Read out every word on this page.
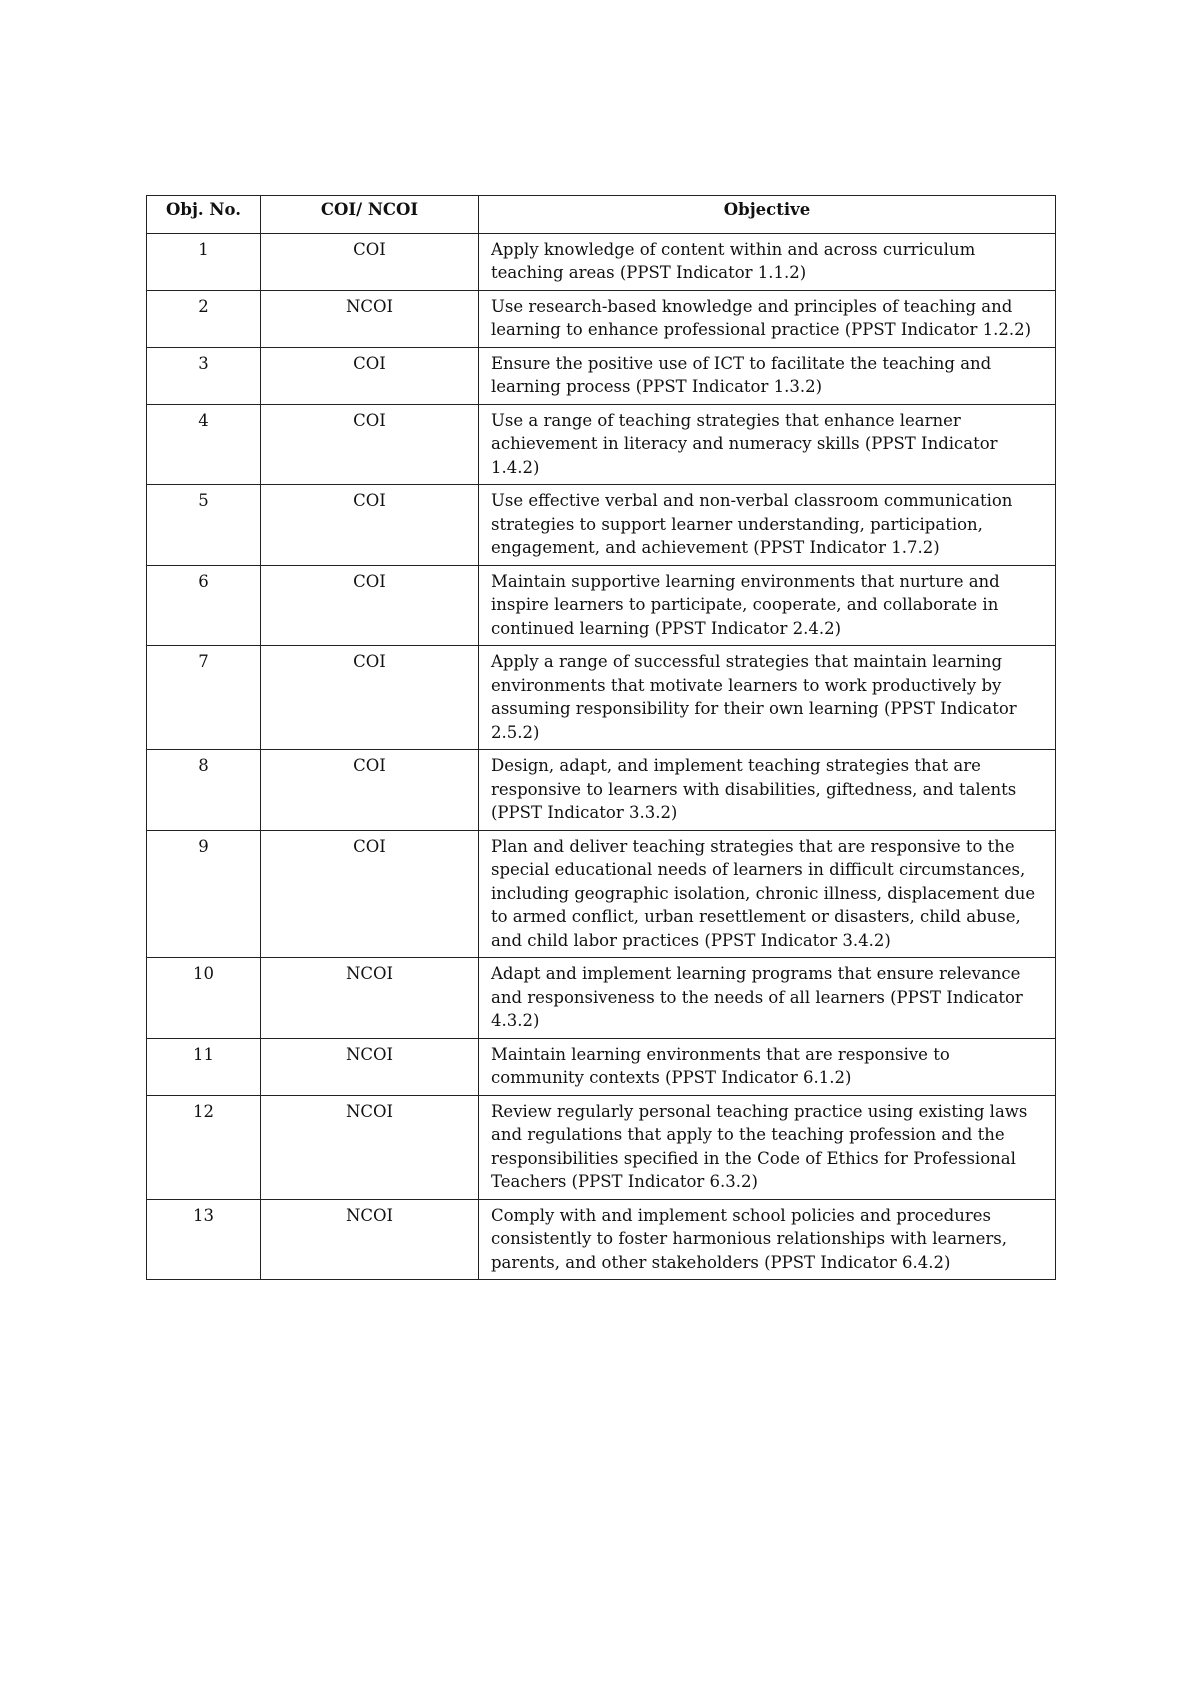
Obj. No.	COI/ NCOI	Objective
1	COI	Apply knowledge of content within and across curriculum teaching areas (PPST Indicator 1.1.2)
2	NCOI	Use research-based knowledge and principles of teaching and learning to enhance professional practice (PPST Indicator 1.2.2)
3	COI	Ensure the positive use of ICT to facilitate the teaching and learning process (PPST Indicator 1.3.2)
4	COI	Use a range of teaching strategies that enhance learner achievement in literacy and numeracy skills (PPST Indicator 1.4.2)
5	COI	Use effective verbal and non-verbal classroom communication strategies to support learner understanding, participation, engagement, and achievement (PPST Indicator 1.7.2)
6	COI	Maintain supportive learning environments that nurture and inspire learners to participate, cooperate, and collaborate in continued learning (PPST Indicator 2.4.2)
7	COI	Apply a range of successful strategies that maintain learning environments that motivate learners to work productively by assuming responsibility for their own learning (PPST Indicator 2.5.2)
8	COI	Design, adapt, and implement teaching strategies that are responsive to learners with disabilities, giftedness, and talents (PPST Indicator 3.3.2)
9	COI	Plan and deliver teaching strategies that are responsive to the special educational needs of learners in difficult circumstances, including geographic isolation, chronic illness, displacement due to armed conflict, urban resettlement or disasters, child abuse, and child labor practices (PPST Indicator 3.4.2)
10	NCOI	Adapt and implement learning programs that ensure relevance and responsiveness to the needs of all learners (PPST Indicator 4.3.2)
11	NCOI	Maintain learning environments that are responsive to community contexts (PPST Indicator 6.1.2)
12	NCOI	Review regularly personal teaching practice using existing laws and regulations that apply to the teaching profession and the responsibilities specified in the Code of Ethics for Professional Teachers (PPST Indicator 6.3.2)
13	NCOI	Comply with and implement school policies and procedures consistently to foster harmonious relationships with learners, parents, and other stakeholders (PPST Indicator 6.4.2)
